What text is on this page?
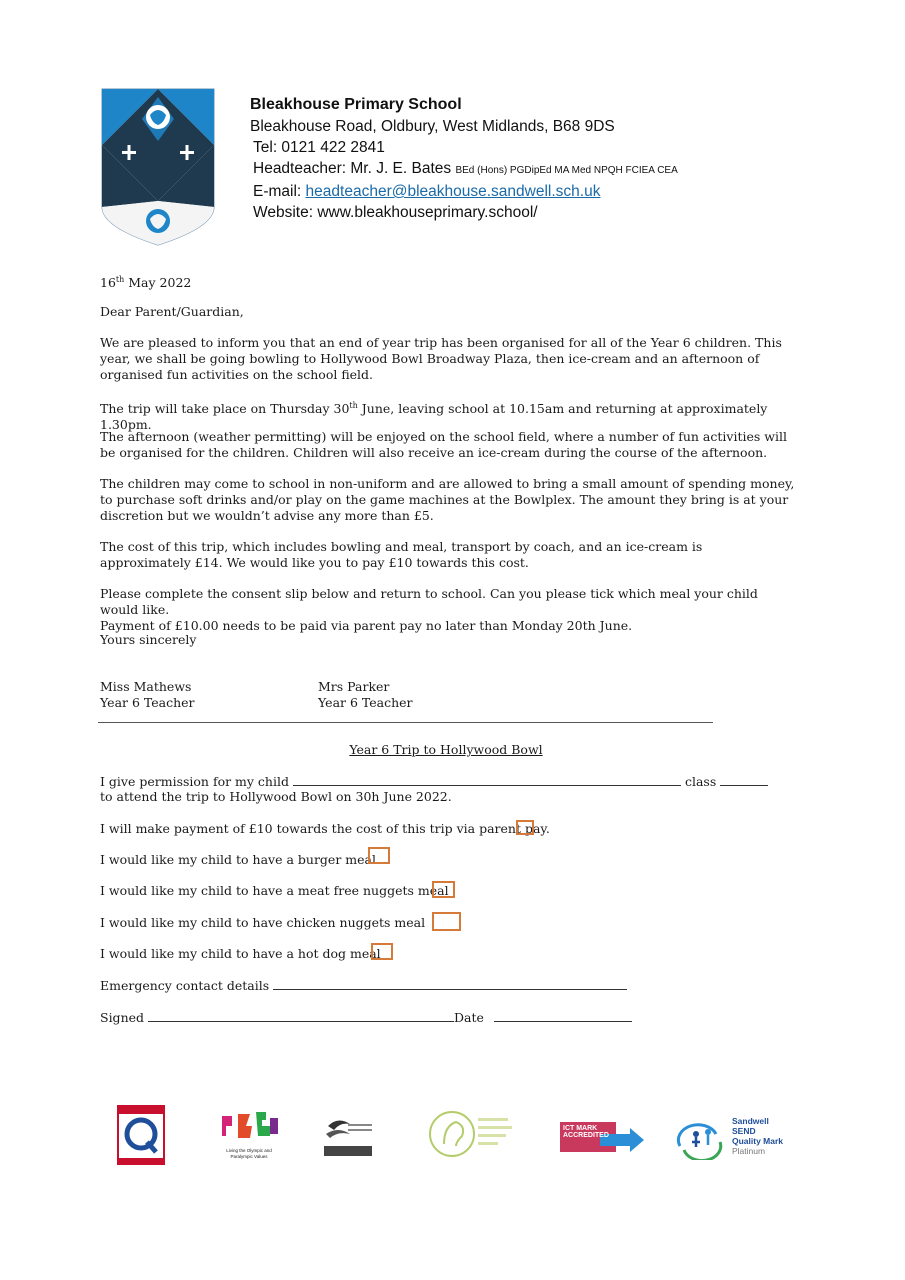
Bleakhouse Primary School
Bleakhouse Road, Oldbury, West Midlands, B68 9DS
Tel: 0121 422 2841
Headteacher: Mr. J. E. Bates BEd (Hons) PGDipEd MA Med NPQH FCIEA CEA
E-mail: headteacher@bleakhouse.sandwell.sch.uk
Website: www.bleakhouseprimary.school/
16th May 2022
Dear Parent/Guardian,
We are pleased to inform you that an end of year trip has been organised for all of the Year 6 children. This year, we shall be going bowling to Hollywood Bowl Broadway Plaza, then ice-cream and an afternoon of organised fun activities on the school field.
The trip will take place on Thursday 30th June, leaving school at 10.15am and returning at approximately 1.30pm.
The afternoon (weather permitting) will be enjoyed on the school field, where a number of fun activities will be organised for the children. Children will also receive an ice-cream during the course of the afternoon.
The children may come to school in non-uniform and are allowed to bring a small amount of spending money, to purchase soft drinks and/or play on the game machines at the Bowlplex. The amount they bring is at your discretion but we wouldn’t advise any more than £5.
The cost of this trip, which includes bowling and meal, transport by coach, and an ice-cream is approximately £14. We would like you to pay £10 towards this cost.
Please complete the consent slip below and return to school. Can you please tick which meal your child would like.
Payment of £10.00 needs to be paid via parent pay no later than Monday 20th June.
Yours sincerely
Miss Mathews
Year 6 Teacher
Mrs Parker
Year 6 Teacher
Year 6 Trip to Hollywood Bowl
I give permission for my child	class
to attend the trip to Hollywood Bowl on 30h June 2022.
I will make payment of £10 towards the cost of this trip via parent pay.
I would like my child to have a burger meal
I would like my child to have a meat free nuggets meal
I would like my child to have chicken nuggets meal
I would like my child to have a hot dog meal
Emergency contact details
Signed	Date
Living the Olympic and Paralympic Values
ICT MARK ACCREDITED
Sandwell
SEND
Quality Mark
Platinum
